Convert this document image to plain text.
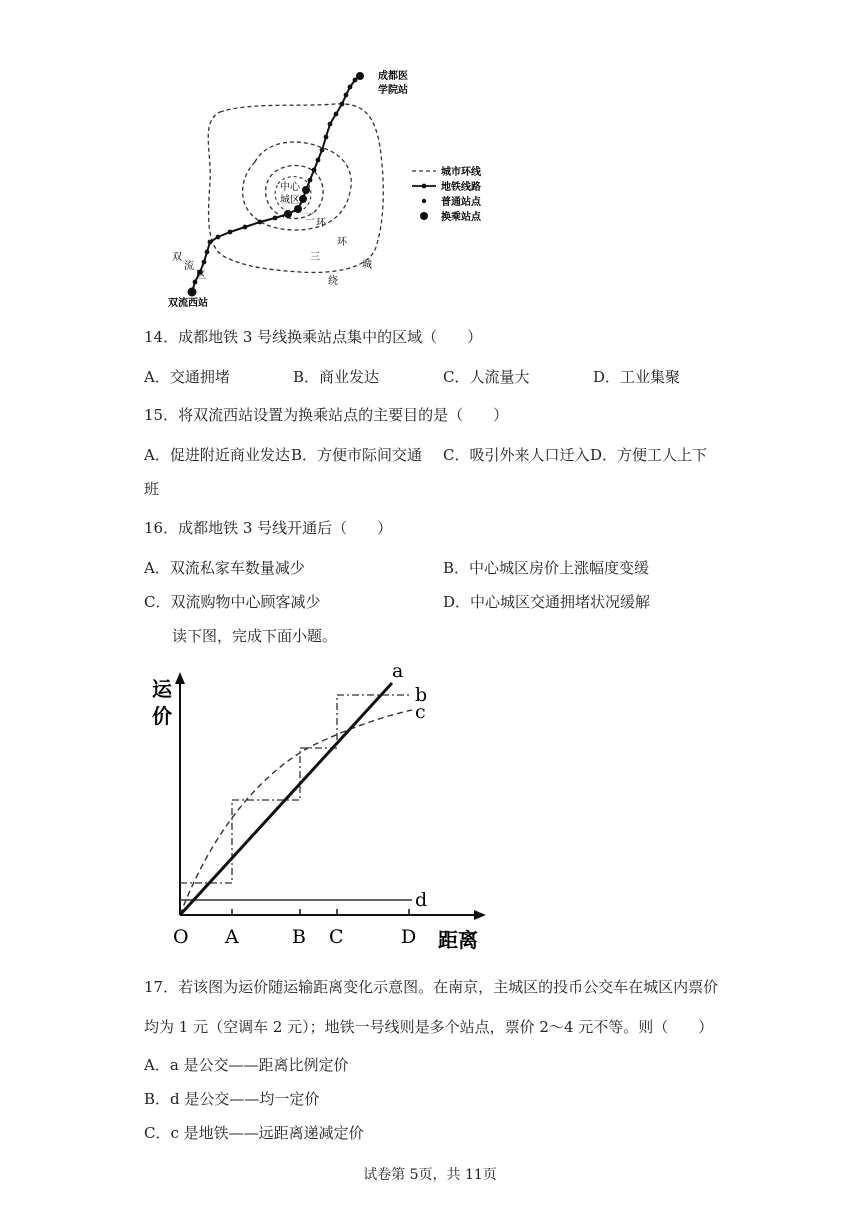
成都医
学院站
中心
城区
二
环
三
环
绕
城
双
流
区
双流西站
城市环线
地铁线路
普通站点
换乘站点
14．成都地铁 3 号线换乘站点集中的区域（　　）
A．交通拥堵	B．商业发达	C．人流量大	D．工业集聚
15．将双流西站设置为换乘站点的主要目的是（　　）
A．促进附近商业发达 B．方便市际间交通 C．吸引外来人口迁入 D．方便工人上下
班
16．成都地铁 3 号线开通后（　　）
A．双流私家车数量减少	B．中心城区房价上涨幅度变缓
C．双流购物中心顾客减少	D．中心城区交通拥堵状况缓解
读下图，完成下面小题。
运
价
距离
O A	B C	D
a
b
c
d
17．若该图为运价随运输距离变化示意图。在南京，主城区的投币公交车在城区内票价
均为 1 元（空调车 2 元）；地铁一号线则是多个站点，票价 2～4 元不等。则（　　）
A．a 是公交——距离比例定价
B．d 是公交——均一定价
C．c 是地铁——远距离递减定价
试卷第 5页，共 11页
